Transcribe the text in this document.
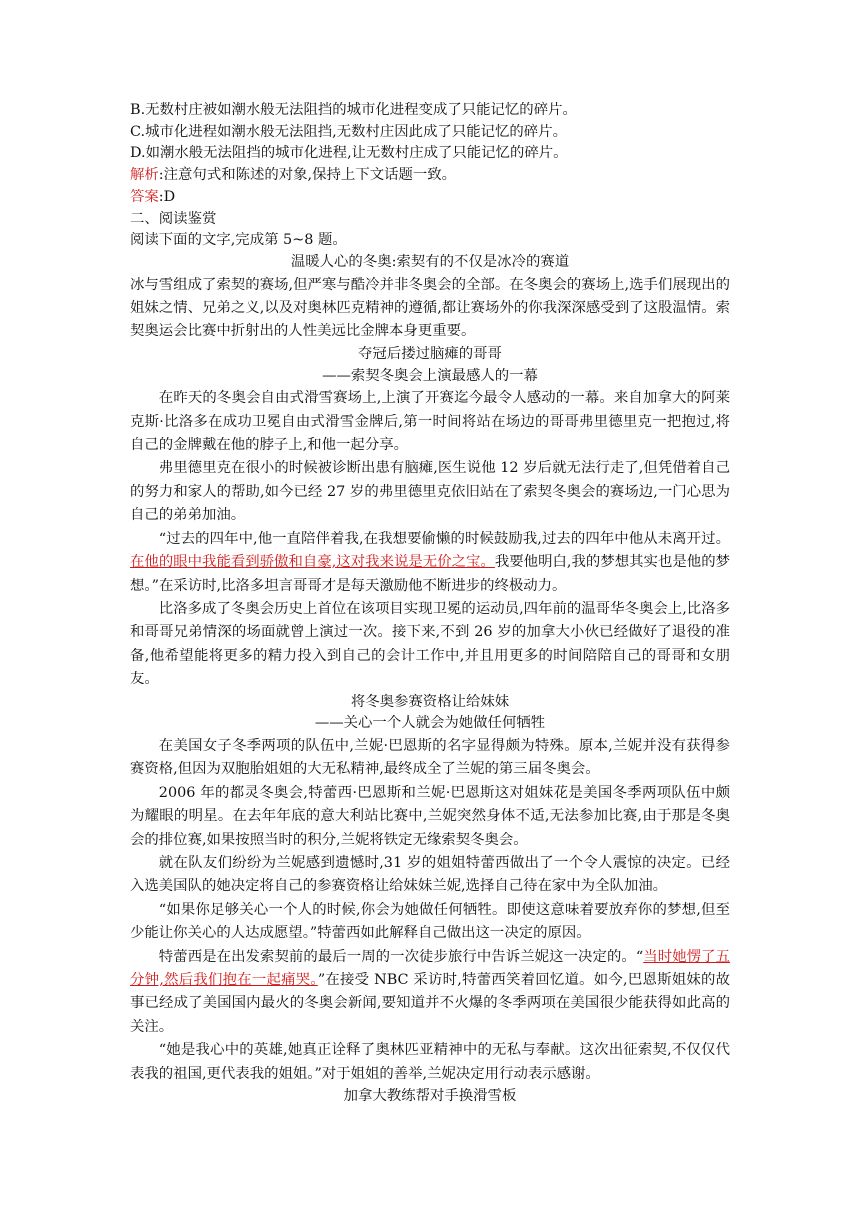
B.无数村庄被如潮水般无法阻挡的城市化进程变成了只能记忆的碎片。

C.城市化进程如潮水般无法阻挡,无数村庄因此成了只能记忆的碎片。

D.如潮水般无法阻挡的城市化进程,让无数村庄成了只能记忆的碎片。

解析:注意句式和陈述的对象,保持上下文话题一致。

答案:D

二、阅读鉴赏

阅读下面的文字,完成第 5~8 题。

温暖人心的冬奥:索契有的不仅是冰冷的赛道

冰与雪组成了索契的赛场,但严寒与酷冷并非冬奥会的全部。在冬奥会的赛场上,选手们展现出的姐妹之情、兄弟之义,以及对奥林匹克精神的遵循,都让赛场外的你我深深感受到了这股温情。索契奥运会比赛中折射出的人性美远比金牌本身更重要。

夺冠后搂过脑瘫的哥哥

——索契冬奥会上演最感人的一幕

在昨天的冬奥会自由式滑雪赛场上,上演了开赛迄今最令人感动的一幕。来自加拿大的阿莱克斯·比洛多在成功卫冕自由式滑雪金牌后,第一时间将站在场边的哥哥弗里德里克一把抱过,将自己的金牌戴在他的脖子上,和他一起分享。

弗里德里克在很小的时候被诊断出患有脑瘫,医生说他 12 岁后就无法行走了,但凭借着自己的努力和家人的帮助,如今已经 27 岁的弗里德里克依旧站在了索契冬奥会的赛场边,一门心思为自己的弟弟加油。

“过去的四年中,他一直陪伴着我,在我想要偷懒的时候鼓励我,过去的四年中他从未离开过。在他的眼中我能看到骄傲和自豪,这对我来说是无价之宝。我要他明白,我的梦想其实也是他的梦想。”在采访时,比洛多坦言哥哥才是每天激励他不断进步的终极动力。

比洛多成了冬奥会历史上首位在该项目实现卫冕的运动员,四年前的温哥华冬奥会上,比洛多和哥哥兄弟情深的场面就曾上演过一次。接下来,不到 26 岁的加拿大小伙已经做好了退役的准备,他希望能将更多的精力投入到自己的会计工作中,并且用更多的时间陪陪自己的哥哥和女朋友。

将冬奥参赛资格让给妹妹

——关心一个人就会为她做任何牺牲

在美国女子冬季两项的队伍中,兰妮·巴恩斯的名字显得颇为特殊。原本,兰妮并没有获得参赛资格,但因为双胞胎姐姐的大无私精神,最终成全了兰妮的第三届冬奥会。

2006 年的都灵冬奥会,特蕾西·巴恩斯和兰妮·巴恩斯这对姐妹花是美国冬季两项队伍中颇为耀眼的明星。在去年年底的意大利站比赛中,兰妮突然身体不适,无法参加比赛,由于那是冬奥会的排位赛,如果按照当时的积分,兰妮将铁定无缘索契冬奥会。

就在队友们纷纷为兰妮感到遗憾时,31 岁的姐姐特蕾西做出了一个令人震惊的决定。已经入选美国队的她决定将自己的参赛资格让给妹妹兰妮,选择自己待在家中为全队加油。

“如果你足够关心一个人的时候,你会为她做任何牺牲。即使这意味着要放弃你的梦想,但至少能让你关心的人达成愿望。”特蕾西如此解释自己做出这一决定的原因。

特蕾西是在出发索契前的最后一周的一次徒步旅行中告诉兰妮这一决定的。“当时她愣了五分钟,然后我们抱在一起痛哭。”在接受 NBC 采访时,特蕾西笑着回忆道。如今,巴恩斯姐妹的故事已经成了美国国内最火的冬奥会新闻,要知道并不火爆的冬季两项在美国很少能获得如此高的关注。

“她是我心中的英雄,她真正诠释了奥林匹亚精神中的无私与奉献。这次出征索契,不仅仅代表我的祖国,更代表我的姐姐。”对于姐姐的善举,兰妮决定用行动表示感谢。

加拿大教练帮对手换滑雪板
